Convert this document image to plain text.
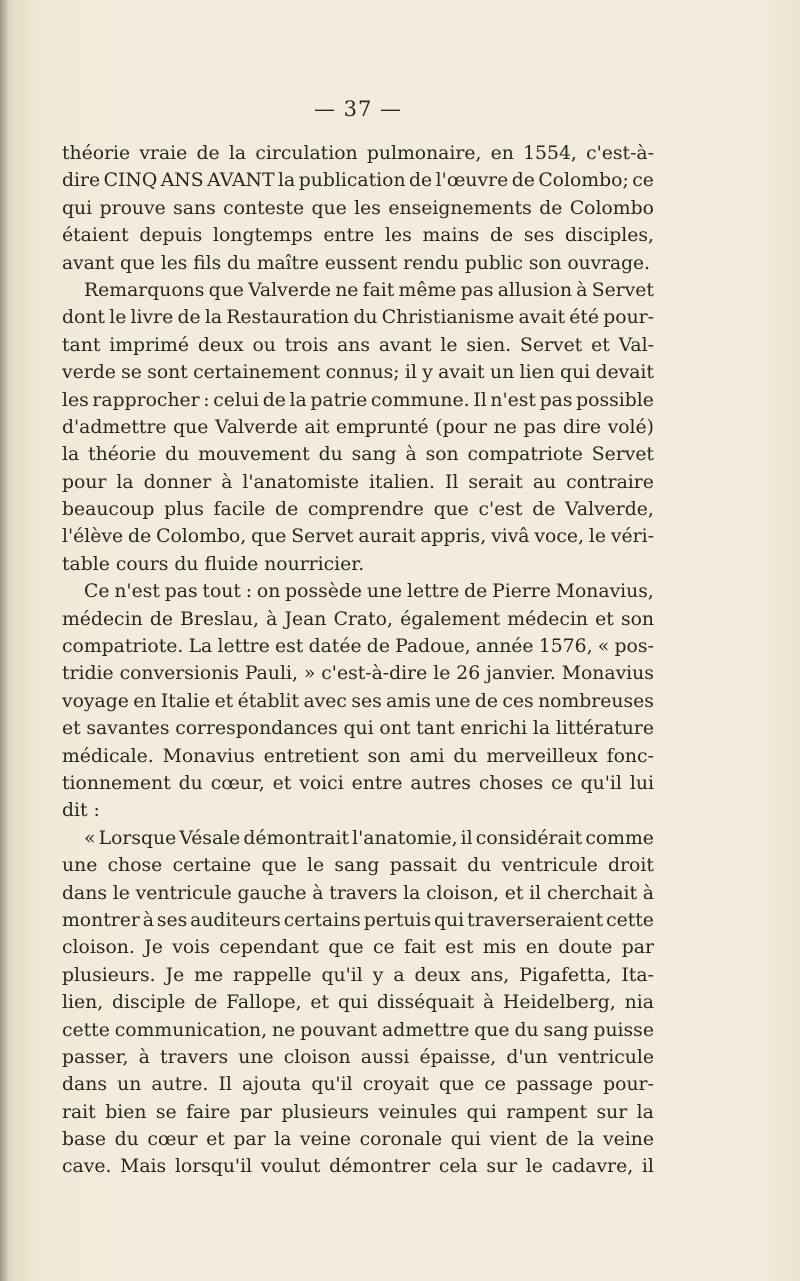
— 37 —
théorie vraie de la circulation pulmonaire, en 1554, c'est-à-
dire CINQ ANS AVANT la publication de l'œuvre de Colombo; ce
qui prouve sans conteste que les enseignements de Colombo
étaient depuis longtemps entre les mains de ses disciples,
avant que les fils du maître eussent rendu public son ouvrage.
Remarquons que Valverde ne fait même pas allusion à Servet
dont le livre de la Restauration du Christianisme avait été pour-
tant imprimé deux ou trois ans avant le sien. Servet et Val-
verde se sont certainement connus; il y avait un lien qui devait
les rapprocher : celui de la patrie commune. Il n'est pas possible
d'admettre que Valverde ait emprunté (pour ne pas dire volé)
la théorie du mouvement du sang à son compatriote Servet
pour la donner à l'anatomiste italien. Il serait au contraire
beaucoup plus facile de comprendre que c'est de Valverde,
l'élève de Colombo, que Servet aurait appris, vivâ voce, le véri-
table cours du fluide nourricier.
Ce n'est pas tout : on possède une lettre de Pierre Monavius,
médecin de Breslau, à Jean Crato, également médecin et son
compatriote. La lettre est datée de Padoue, année 1576, « pos-
tridie conversionis Pauli, » c'est-à-dire le 26 janvier. Monavius
voyage en Italie et établit avec ses amis une de ces nombreuses
et savantes correspondances qui ont tant enrichi la littérature
médicale. Monavius entretient son ami du merveilleux fonc-
tionnement du cœur, et voici entre autres choses ce qu'il lui
dit :
« Lorsque Vésale démontrait l'anatomie, il considérait comme
une chose certaine que le sang passait du ventricule droit
dans le ventricule gauche à travers la cloison, et il cherchait à
montrer à ses auditeurs certains pertuis qui traverseraient cette
cloison. Je vois cependant que ce fait est mis en doute par
plusieurs. Je me rappelle qu'il y a deux ans, Pigafetta, Ita-
lien, disciple de Fallope, et qui disséquait à Heidelberg, nia
cette communication, ne pouvant admettre que du sang puisse
passer, à travers une cloison aussi épaisse, d'un ventricule
dans un autre. Il ajouta qu'il croyait que ce passage pour-
rait bien se faire par plusieurs veinules qui rampent sur la
base du cœur et par la veine coronale qui vient de la veine
cave. Mais lorsqu'il voulut démontrer cela sur le cadavre, il
